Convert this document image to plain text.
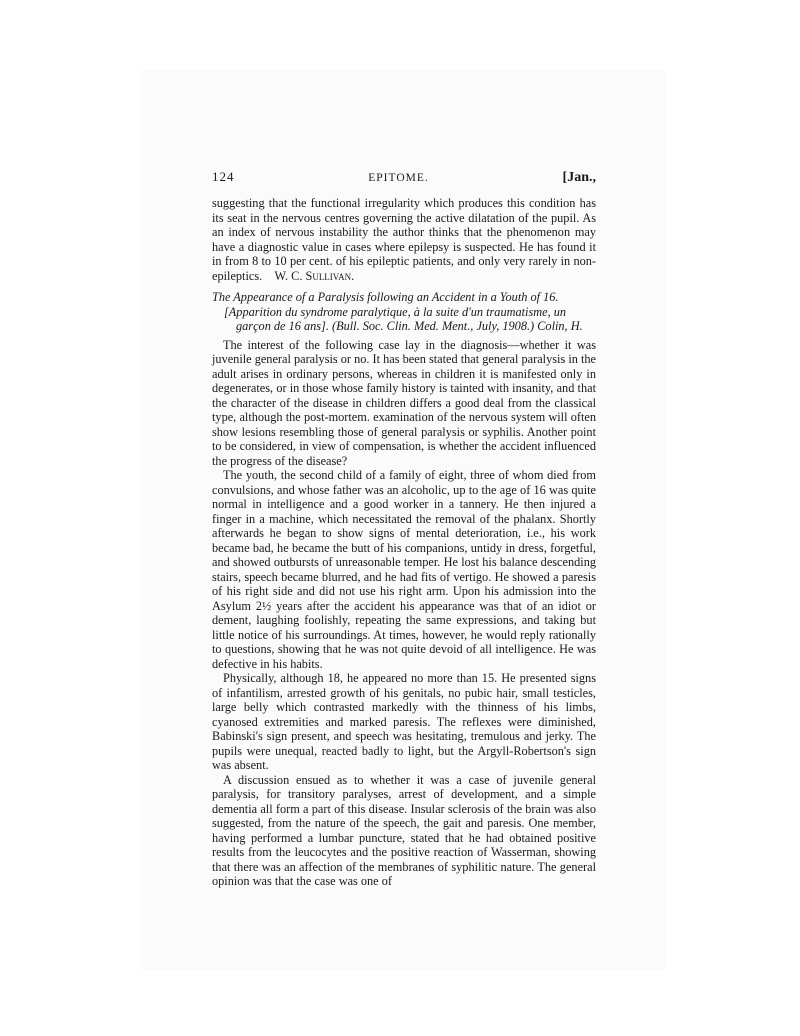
124	EPITOME.	[Jan.,

suggesting that the functional irregularity which produces this condition has its seat in the nervous centres governing the active dilatation of the pupil. As an index of nervous instability the author thinks that the phenomenon may have a diagnostic value in cases where epilepsy is suspected. He has found it in from 8 to 10 per cent. of his epileptic patients, and only very rarely in non-epileptics. W. C. Sullivan.

The Appearance of a Paralysis following an Accident in a Youth of 16.
[Apparition du syndrome paralytique, à la suite d'un traumatisme, un garçon de 16 ans]. (Bull. Soc. Clin. Med. Ment., July, 1908.) Colin, H.

The interest of the following case lay in the diagnosis—whether it was juvenile general paralysis or no. It has been stated that general paralysis in the adult arises in ordinary persons, whereas in children it is manifested only in degenerates, or in those whose family history is tainted with insanity, and that the character of the disease in children differs a good deal from the classical type, although the post-mortem. examination of the nervous system will often show lesions resembling those of general paralysis or syphilis. Another point to be considered, in view of compensation, is whether the accident influenced the progress of the disease?

The youth, the second child of a family of eight, three of whom died from convulsions, and whose father was an alcoholic, up to the age of 16 was quite normal in intelligence and a good worker in a tannery. He then injured a finger in a machine, which necessitated the removal of the phalanx. Shortly afterwards he began to show signs of mental deterioration, i.e., his work became bad, he became the butt of his companions, untidy in dress, forgetful, and showed outbursts of unreasonable temper. He lost his balance descending stairs, speech became blurred, and he had fits of vertigo. He showed a paresis of his right side and did not use his right arm. Upon his admission into the Asylum 2½ years after the accident his appearance was that of an idiot or dement, laughing foolishly, repeating the same expressions, and taking but little notice of his surroundings. At times, however, he would reply rationally to questions, showing that he was not quite devoid of all intelligence. He was defective in his habits.

Physically, although 18, he appeared no more than 15. He presented signs of infantilism, arrested growth of his genitals, no pubic hair, small testicles, large belly which contrasted markedly with the thinness of his limbs, cyanosed extremities and marked paresis. The reflexes were diminished, Babinski's sign present, and speech was hesitating, tremulous and jerky. The pupils were unequal, reacted badly to light, but the Argyll-Robertson's sign was absent.

A discussion ensued as to whether it was a case of juvenile general paralysis, for transitory paralyses, arrest of development, and a simple dementia all form a part of this disease. Insular sclerosis of the brain was also suggested, from the nature of the speech, the gait and paresis. One member, having performed a lumbar puncture, stated that he had obtained positive results from the leucocytes and the positive reaction of Wasserman, showing that there was an affection of the membranes of syphilitic nature. The general opinion was that the case was one of
